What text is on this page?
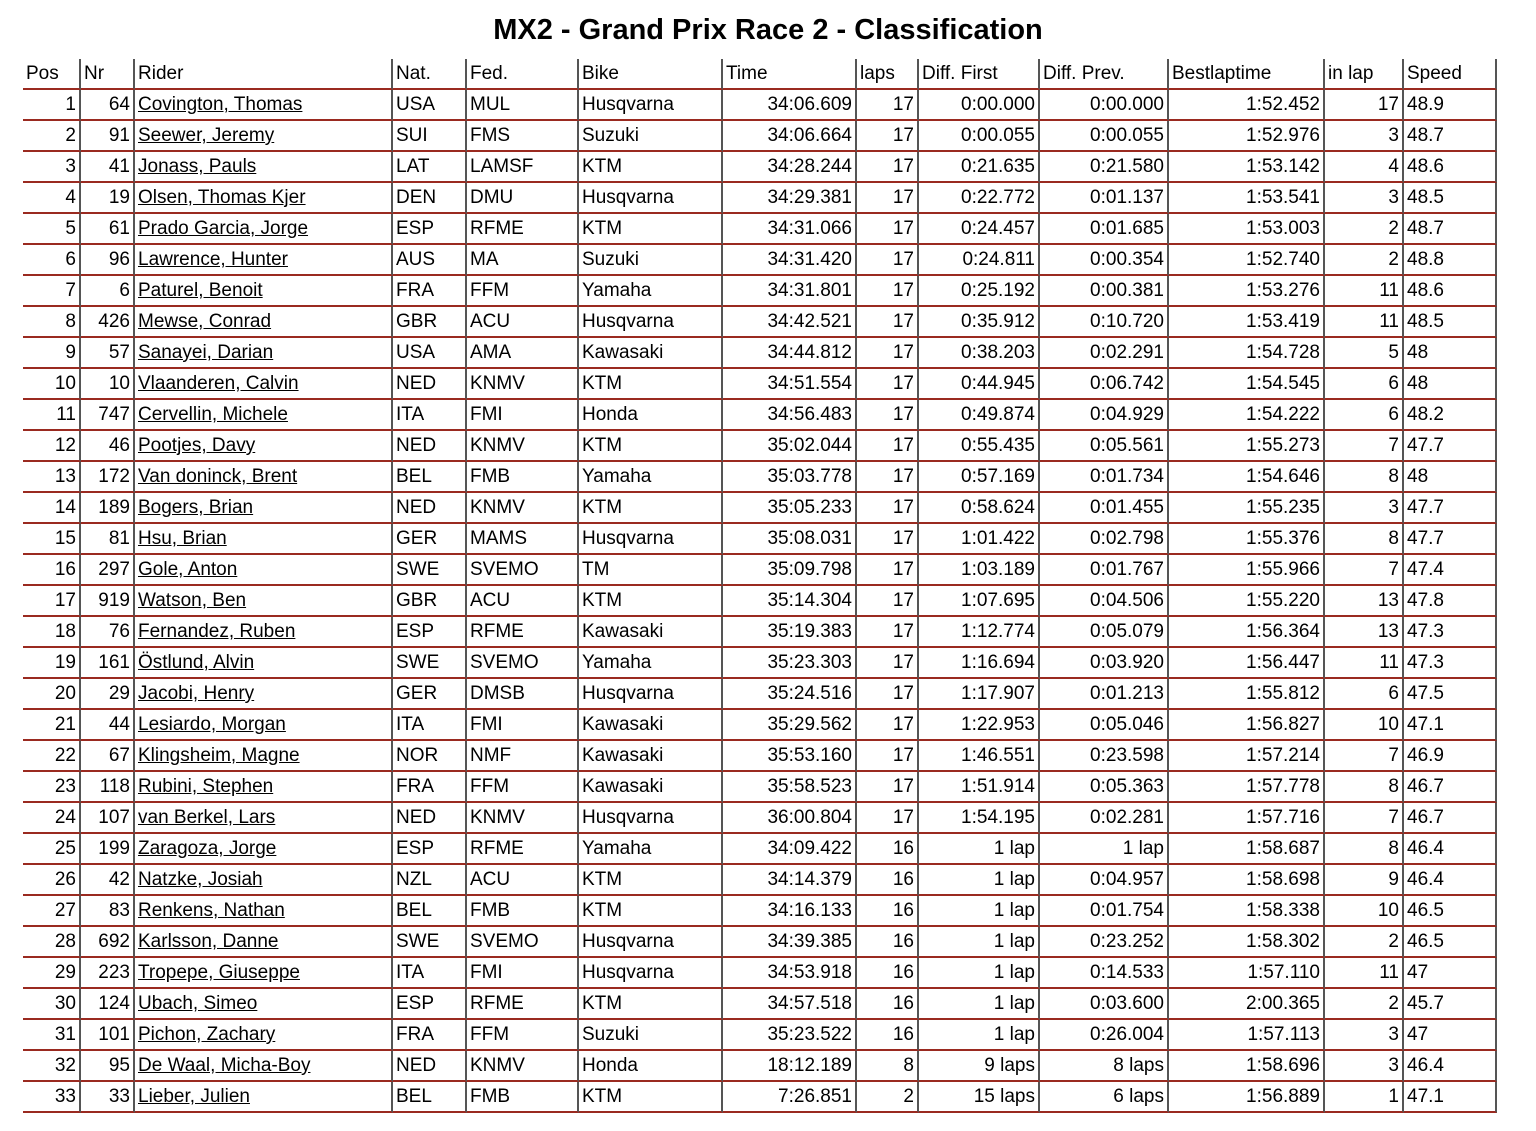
MX2 - Grand Prix Race 2 - Classification
Pos	Nr	Rider	Nat.	Fed.	Bike	Time	laps	Diff. First	Diff. Prev.	Bestlaptime	in lap	Speed
1	64	Covington, Thomas	USA	MUL	Husqvarna	34:06.609	17	0:00.000	0:00.000	1:52.452	17	48.9
2	91	Seewer, Jeremy	SUI	FMS	Suzuki	34:06.664	17	0:00.055	0:00.055	1:52.976	3	48.7
3	41	Jonass, Pauls	LAT	LAMSF	KTM	34:28.244	17	0:21.635	0:21.580	1:53.142	4	48.6
4	19	Olsen, Thomas Kjer	DEN	DMU	Husqvarna	34:29.381	17	0:22.772	0:01.137	1:53.541	3	48.5
5	61	Prado Garcia, Jorge	ESP	RFME	KTM	34:31.066	17	0:24.457	0:01.685	1:53.003	2	48.7
6	96	Lawrence, Hunter	AUS	MA	Suzuki	34:31.420	17	0:24.811	0:00.354	1:52.740	2	48.8
7	6	Paturel, Benoit	FRA	FFM	Yamaha	34:31.801	17	0:25.192	0:00.381	1:53.276	11	48.6
8	426	Mewse, Conrad	GBR	ACU	Husqvarna	34:42.521	17	0:35.912	0:10.720	1:53.419	11	48.5
9	57	Sanayei, Darian	USA	AMA	Kawasaki	34:44.812	17	0:38.203	0:02.291	1:54.728	5	48
10	10	Vlaanderen, Calvin	NED	KNMV	KTM	34:51.554	17	0:44.945	0:06.742	1:54.545	6	48
11	747	Cervellin, Michele	ITA	FMI	Honda	34:56.483	17	0:49.874	0:04.929	1:54.222	6	48.2
12	46	Pootjes, Davy	NED	KNMV	KTM	35:02.044	17	0:55.435	0:05.561	1:55.273	7	47.7
13	172	Van doninck, Brent	BEL	FMB	Yamaha	35:03.778	17	0:57.169	0:01.734	1:54.646	8	48
14	189	Bogers, Brian	NED	KNMV	KTM	35:05.233	17	0:58.624	0:01.455	1:55.235	3	47.7
15	81	Hsu, Brian	GER	MAMS	Husqvarna	35:08.031	17	1:01.422	0:02.798	1:55.376	8	47.7
16	297	Gole, Anton	SWE	SVEMO	TM	35:09.798	17	1:03.189	0:01.767	1:55.966	7	47.4
17	919	Watson, Ben	GBR	ACU	KTM	35:14.304	17	1:07.695	0:04.506	1:55.220	13	47.8
18	76	Fernandez, Ruben	ESP	RFME	Kawasaki	35:19.383	17	1:12.774	0:05.079	1:56.364	13	47.3
19	161	Östlund, Alvin	SWE	SVEMO	Yamaha	35:23.303	17	1:16.694	0:03.920	1:56.447	11	47.3
20	29	Jacobi, Henry	GER	DMSB	Husqvarna	35:24.516	17	1:17.907	0:01.213	1:55.812	6	47.5
21	44	Lesiardo, Morgan	ITA	FMI	Kawasaki	35:29.562	17	1:22.953	0:05.046	1:56.827	10	47.1
22	67	Klingsheim, Magne	NOR	NMF	Kawasaki	35:53.160	17	1:46.551	0:23.598	1:57.214	7	46.9
23	118	Rubini, Stephen	FRA	FFM	Kawasaki	35:58.523	17	1:51.914	0:05.363	1:57.778	8	46.7
24	107	van Berkel, Lars	NED	KNMV	Husqvarna	36:00.804	17	1:54.195	0:02.281	1:57.716	7	46.7
25	199	Zaragoza, Jorge	ESP	RFME	Yamaha	34:09.422	16	1 lap	1 lap	1:58.687	8	46.4
26	42	Natzke, Josiah	NZL	ACU	KTM	34:14.379	16	1 lap	0:04.957	1:58.698	9	46.4
27	83	Renkens, Nathan	BEL	FMB	KTM	34:16.133	16	1 lap	0:01.754	1:58.338	10	46.5
28	692	Karlsson, Danne	SWE	SVEMO	Husqvarna	34:39.385	16	1 lap	0:23.252	1:58.302	2	46.5
29	223	Tropepe, Giuseppe	ITA	FMI	Husqvarna	34:53.918	16	1 lap	0:14.533	1:57.110	11	47
30	124	Ubach, Simeo	ESP	RFME	KTM	34:57.518	16	1 lap	0:03.600	2:00.365	2	45.7
31	101	Pichon, Zachary	FRA	FFM	Suzuki	35:23.522	16	1 lap	0:26.004	1:57.113	3	47
32	95	De Waal, Micha-Boy	NED	KNMV	Honda	18:12.189	8	9 laps	8 laps	1:58.696	3	46.4
33	33	Lieber, Julien	BEL	FMB	KTM	7:26.851	2	15 laps	6 laps	1:56.889	1	47.1
